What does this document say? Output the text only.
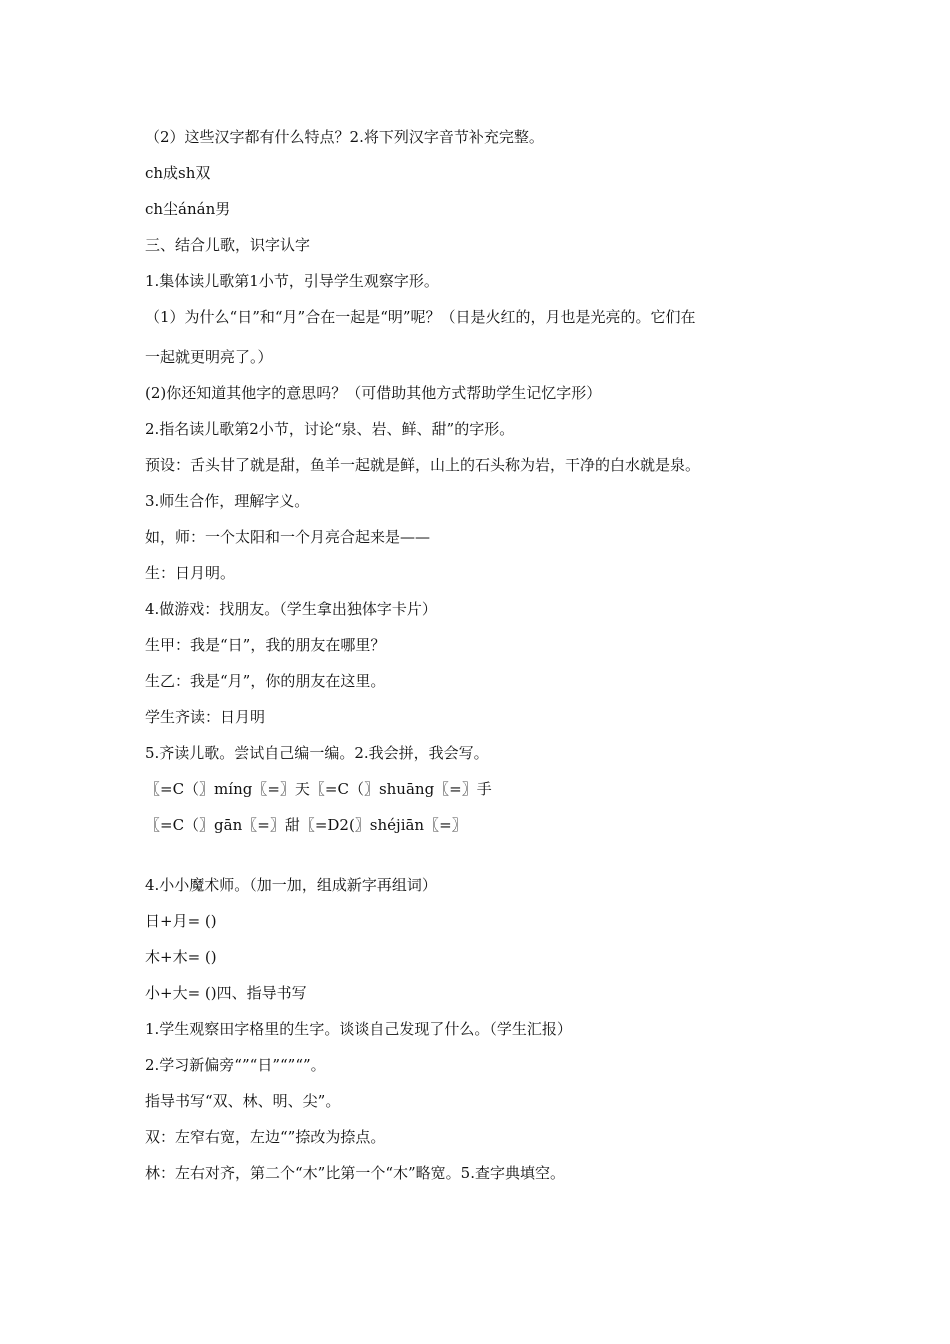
（2）这些汉字都有什么特点？2.将下列汉字音节补充完整。
ch成sh双
ch尘ánán男
三、结合儿歌，识字认字
1.集体读儿歌第1小节，引导学生观察字形。
（1）为什么“日”和“月”合在一起是“明”呢？（日是火红的，月也是光亮的。它们在
一起就更明亮了。）
(2)你还知道其他字的意思吗？（可借助其他方式帮助学生记忆字形）
2.指名读儿歌第2小节，讨论“泉、岩、鲜、甜”的字形。
预设：舌头甘了就是甜，鱼羊一起就是鲜，山上的石头称为岩，干净的白水就是泉。
3.师生合作，理解字义。
如，师：一个太阳和一个月亮合起来是——
生：日月明。
4.做游戏：找朋友。（学生拿出独体字卡片）
生甲：我是“日”，我的朋友在哪里？
生乙：我是“月”，你的朋友在这里。
学生齐读：日月明
5.齐读儿歌。尝试自己编一编。2.我会拼，我会写。
〖=C（〗míng〖=〗天〖=C（〗shuāng〖=〗手
〖=C（〗gān〖=〗甜〖=D2(〗shéjiān〖=〗
4.小小魔术师。（加一加，组成新字再组词）
日+月= ()
木+木= ()
小+大= ()四、指导书写
1.学生观察田字格里的生字。谈谈自己发现了什么。（学生汇报）
2.学习新偏旁“”“日”“”“”。
指导书写“双、林、明、尖”。
双：左窄右宽，左边“”捺改为捺点。
林：左右对齐，第二个“木”比第一个“木”略宽。5.查字典填空。
